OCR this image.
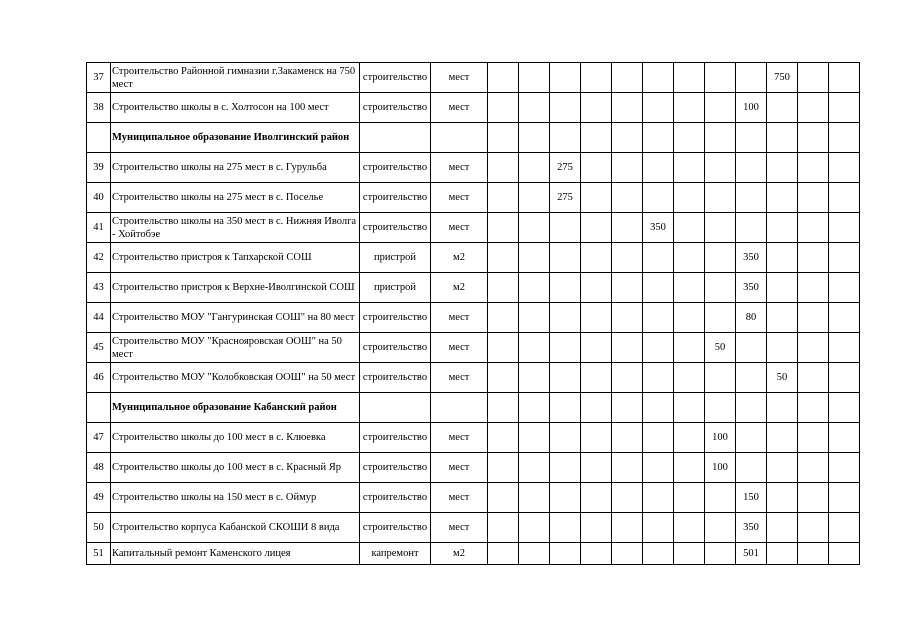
37	Строительство Районной гимназии г.Закаменск на 750 мест	строительство	мест										750		
38	Строительство школы в с. Холтосон на 100 мест	строительство	мест									100			
	Муниципальное образование Иволгинский район														
39	Строительство школы на 275 мест в с. Гурульба	строительство	мест			275									
40	Строительство школы на 275 мест в с. Поселье	строительство	мест			275									
41	Строительство школы на 350 мест в с. Нижняя Иволга - Хойтобэе	строительство	мест						350						
42	Строительство пристроя к Тапхарской СОШ	пристрой	м2									350			
43	Строительство пристроя к Верхне-Иволгинской СОШ	пристрой	м2									350			
44	Строительство МОУ "Гангуринская СОШ" на 80 мест	строительство	мест									80			
45	Строительство МОУ "Краснояровская ООШ" на 50 мест	строительство	мест								50				
46	Строительство МОУ "Колобковская ООШ" на 50 мест	строительство	мест										50		
	Муниципальное образование Кабанский район														
47	Строительство школы до 100 мест в с. Клюевка	строительство	мест								100				
48	Строительство школы до 100 мест в с. Красный Яр	строительство	мест								100				
49	Строительство школы на 150 мест в с. Оймур	строительство	мест									150			
50	Строительство корпуса Кабанской СКОШИ 8 вида	строительство	мест									350			
51	Капитальный ремонт Каменского лицея	капремонт	м2									501			
